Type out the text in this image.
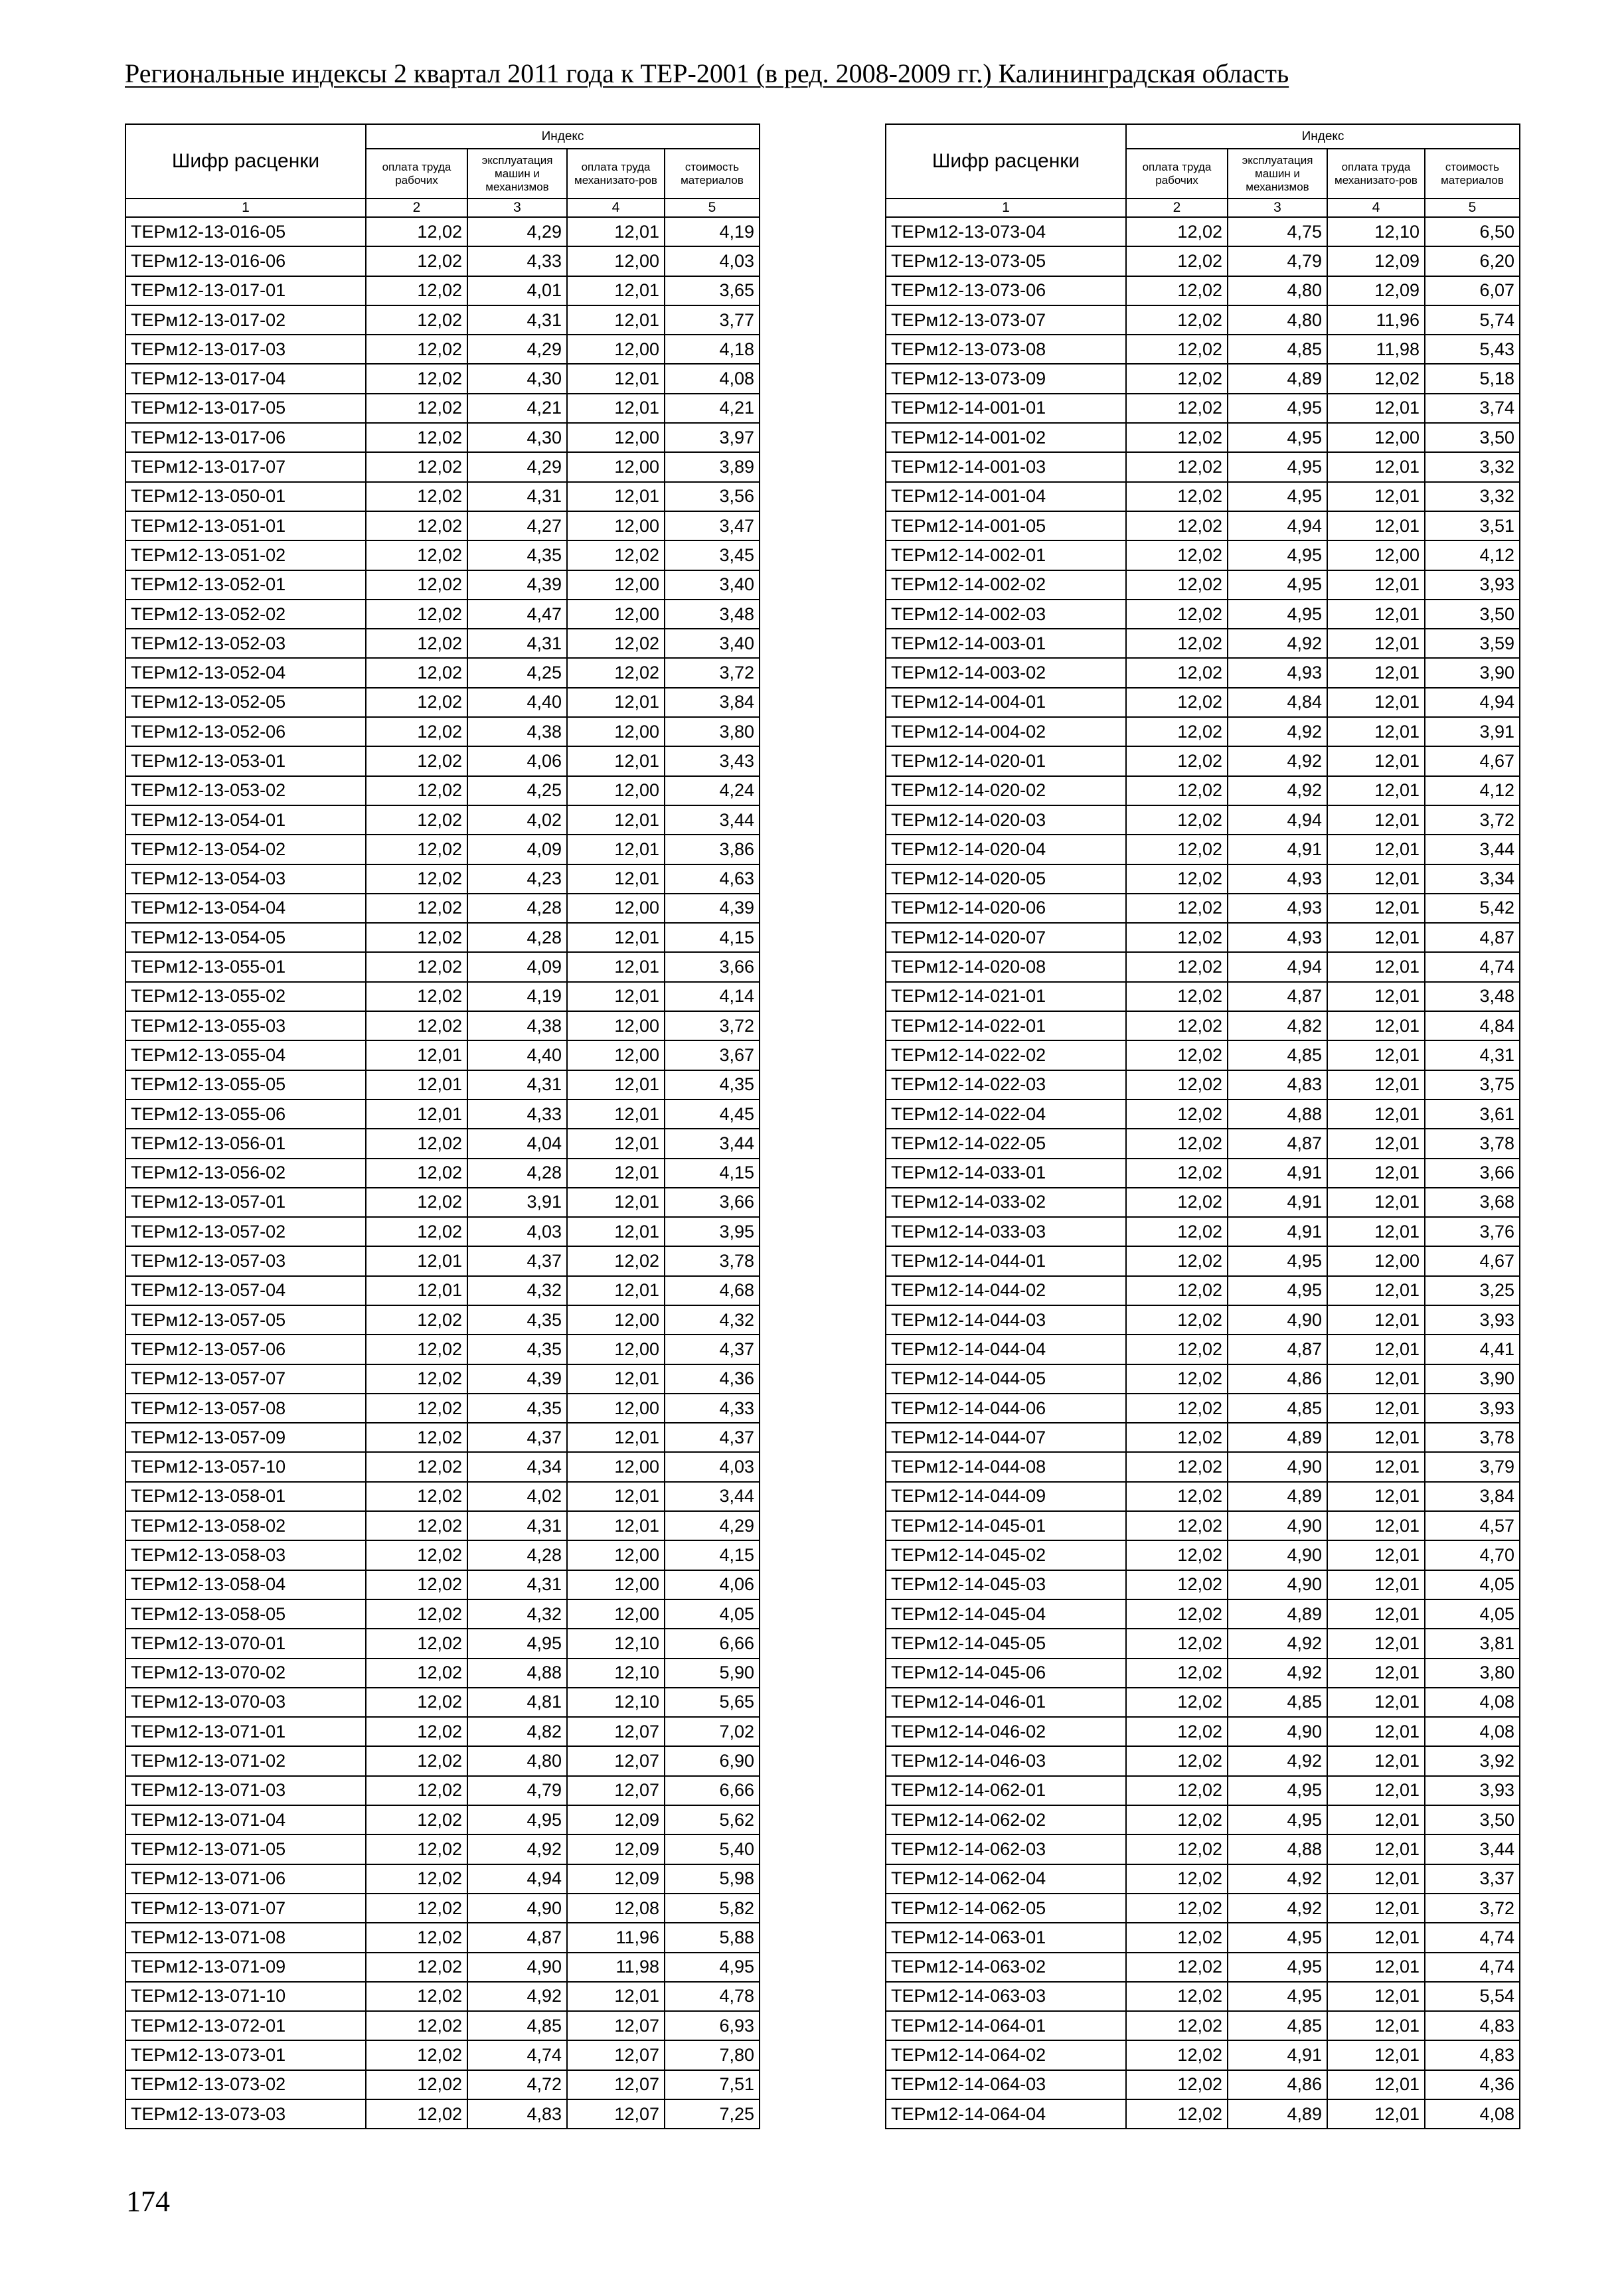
Региональные индексы 2 квартал 2011 года к ТЕР-2001 (в ред. 2008-2009 гг.) Калининградская область
Шифр расценки	Индекс			
	оплата труда рабочих	эксплуатация машин и механизмов	оплата труда механизато-ров	стоимость материалов
1	2	3	4	5
ТЕРм12-13-016-05	12,02	4,29	12,01	4,19
ТЕРм12-13-016-06	12,02	4,33	12,00	4,03
ТЕРм12-13-017-01	12,02	4,01	12,01	3,65
ТЕРм12-13-017-02	12,02	4,31	12,01	3,77
ТЕРм12-13-017-03	12,02	4,29	12,00	4,18
ТЕРм12-13-017-04	12,02	4,30	12,01	4,08
ТЕРм12-13-017-05	12,02	4,21	12,01	4,21
ТЕРм12-13-017-06	12,02	4,30	12,00	3,97
ТЕРм12-13-017-07	12,02	4,29	12,00	3,89
ТЕРм12-13-050-01	12,02	4,31	12,01	3,56
ТЕРм12-13-051-01	12,02	4,27	12,00	3,47
ТЕРм12-13-051-02	12,02	4,35	12,02	3,45
ТЕРм12-13-052-01	12,02	4,39	12,00	3,40
ТЕРм12-13-052-02	12,02	4,47	12,00	3,48
ТЕРм12-13-052-03	12,02	4,31	12,02	3,40
ТЕРм12-13-052-04	12,02	4,25	12,02	3,72
ТЕРм12-13-052-05	12,02	4,40	12,01	3,84
ТЕРм12-13-052-06	12,02	4,38	12,00	3,80
ТЕРм12-13-053-01	12,02	4,06	12,01	3,43
ТЕРм12-13-053-02	12,02	4,25	12,00	4,24
ТЕРм12-13-054-01	12,02	4,02	12,01	3,44
ТЕРм12-13-054-02	12,02	4,09	12,01	3,86
ТЕРм12-13-054-03	12,02	4,23	12,01	4,63
ТЕРм12-13-054-04	12,02	4,28	12,00	4,39
ТЕРм12-13-054-05	12,02	4,28	12,01	4,15
ТЕРм12-13-055-01	12,02	4,09	12,01	3,66
ТЕРм12-13-055-02	12,02	4,19	12,01	4,14
ТЕРм12-13-055-03	12,02	4,38	12,00	3,72
ТЕРм12-13-055-04	12,01	4,40	12,00	3,67
ТЕРм12-13-055-05	12,01	4,31	12,01	4,35
ТЕРм12-13-055-06	12,01	4,33	12,01	4,45
ТЕРм12-13-056-01	12,02	4,04	12,01	3,44
ТЕРм12-13-056-02	12,02	4,28	12,01	4,15
ТЕРм12-13-057-01	12,02	3,91	12,01	3,66
ТЕРм12-13-057-02	12,02	4,03	12,01	3,95
ТЕРм12-13-057-03	12,01	4,37	12,02	3,78
ТЕРм12-13-057-04	12,01	4,32	12,01	4,68
ТЕРм12-13-057-05	12,02	4,35	12,00	4,32
ТЕРм12-13-057-06	12,02	4,35	12,00	4,37
ТЕРм12-13-057-07	12,02	4,39	12,01	4,36
ТЕРм12-13-057-08	12,02	4,35	12,00	4,33
ТЕРм12-13-057-09	12,02	4,37	12,01	4,37
ТЕРм12-13-057-10	12,02	4,34	12,00	4,03
ТЕРм12-13-058-01	12,02	4,02	12,01	3,44
ТЕРм12-13-058-02	12,02	4,31	12,01	4,29
ТЕРм12-13-058-03	12,02	4,28	12,00	4,15
ТЕРм12-13-058-04	12,02	4,31	12,00	4,06
ТЕРм12-13-058-05	12,02	4,32	12,00	4,05
ТЕРм12-13-070-01	12,02	4,95	12,10	6,66
ТЕРм12-13-070-02	12,02	4,88	12,10	5,90
ТЕРм12-13-070-03	12,02	4,81	12,10	5,65
ТЕРм12-13-071-01	12,02	4,82	12,07	7,02
ТЕРм12-13-071-02	12,02	4,80	12,07	6,90
ТЕРм12-13-071-03	12,02	4,79	12,07	6,66
ТЕРм12-13-071-04	12,02	4,95	12,09	5,62
ТЕРм12-13-071-05	12,02	4,92	12,09	5,40
ТЕРм12-13-071-06	12,02	4,94	12,09	5,98
ТЕРм12-13-071-07	12,02	4,90	12,08	5,82
ТЕРм12-13-071-08	12,02	4,87	11,96	5,88
ТЕРм12-13-071-09	12,02	4,90	11,98	4,95
ТЕРм12-13-071-10	12,02	4,92	12,01	4,78
ТЕРм12-13-072-01	12,02	4,85	12,07	6,93
ТЕРм12-13-073-01	12,02	4,74	12,07	7,80
ТЕРм12-13-073-02	12,02	4,72	12,07	7,51
ТЕРм12-13-073-03	12,02	4,83	12,07	7,25
Шифр расценки	Индекс			
	оплата труда рабочих	эксплуатация машин и механизмов	оплата труда механизато-ров	стоимость материалов
1	2	3	4	5
ТЕРм12-13-073-04	12,02	4,75	12,10	6,50
ТЕРм12-13-073-05	12,02	4,79	12,09	6,20
ТЕРм12-13-073-06	12,02	4,80	12,09	6,07
ТЕРм12-13-073-07	12,02	4,80	11,96	5,74
ТЕРм12-13-073-08	12,02	4,85	11,98	5,43
ТЕРм12-13-073-09	12,02	4,89	12,02	5,18
ТЕРм12-14-001-01	12,02	4,95	12,01	3,74
ТЕРм12-14-001-02	12,02	4,95	12,00	3,50
ТЕРм12-14-001-03	12,02	4,95	12,01	3,32
ТЕРм12-14-001-04	12,02	4,95	12,01	3,32
ТЕРм12-14-001-05	12,02	4,94	12,01	3,51
ТЕРм12-14-002-01	12,02	4,95	12,00	4,12
ТЕРм12-14-002-02	12,02	4,95	12,01	3,93
ТЕРм12-14-002-03	12,02	4,95	12,01	3,50
ТЕРм12-14-003-01	12,02	4,92	12,01	3,59
ТЕРм12-14-003-02	12,02	4,93	12,01	3,90
ТЕРм12-14-004-01	12,02	4,84	12,01	4,94
ТЕРм12-14-004-02	12,02	4,92	12,01	3,91
ТЕРм12-14-020-01	12,02	4,92	12,01	4,67
ТЕРм12-14-020-02	12,02	4,92	12,01	4,12
ТЕРм12-14-020-03	12,02	4,94	12,01	3,72
ТЕРм12-14-020-04	12,02	4,91	12,01	3,44
ТЕРм12-14-020-05	12,02	4,93	12,01	3,34
ТЕРм12-14-020-06	12,02	4,93	12,01	5,42
ТЕРм12-14-020-07	12,02	4,93	12,01	4,87
ТЕРм12-14-020-08	12,02	4,94	12,01	4,74
ТЕРм12-14-021-01	12,02	4,87	12,01	3,48
ТЕРм12-14-022-01	12,02	4,82	12,01	4,84
ТЕРм12-14-022-02	12,02	4,85	12,01	4,31
ТЕРм12-14-022-03	12,02	4,83	12,01	3,75
ТЕРм12-14-022-04	12,02	4,88	12,01	3,61
ТЕРм12-14-022-05	12,02	4,87	12,01	3,78
ТЕРм12-14-033-01	12,02	4,91	12,01	3,66
ТЕРм12-14-033-02	12,02	4,91	12,01	3,68
ТЕРм12-14-033-03	12,02	4,91	12,01	3,76
ТЕРм12-14-044-01	12,02	4,95	12,00	4,67
ТЕРм12-14-044-02	12,02	4,95	12,01	3,25
ТЕРм12-14-044-03	12,02	4,90	12,01	3,93
ТЕРм12-14-044-04	12,02	4,87	12,01	4,41
ТЕРм12-14-044-05	12,02	4,86	12,01	3,90
ТЕРм12-14-044-06	12,02	4,85	12,01	3,93
ТЕРм12-14-044-07	12,02	4,89	12,01	3,78
ТЕРм12-14-044-08	12,02	4,90	12,01	3,79
ТЕРм12-14-044-09	12,02	4,89	12,01	3,84
ТЕРм12-14-045-01	12,02	4,90	12,01	4,57
ТЕРм12-14-045-02	12,02	4,90	12,01	4,70
ТЕРм12-14-045-03	12,02	4,90	12,01	4,05
ТЕРм12-14-045-04	12,02	4,89	12,01	4,05
ТЕРм12-14-045-05	12,02	4,92	12,01	3,81
ТЕРм12-14-045-06	12,02	4,92	12,01	3,80
ТЕРм12-14-046-01	12,02	4,85	12,01	4,08
ТЕРм12-14-046-02	12,02	4,90	12,01	4,08
ТЕРм12-14-046-03	12,02	4,92	12,01	3,92
ТЕРм12-14-062-01	12,02	4,95	12,01	3,93
ТЕРм12-14-062-02	12,02	4,95	12,01	3,50
ТЕРм12-14-062-03	12,02	4,88	12,01	3,44
ТЕРм12-14-062-04	12,02	4,92	12,01	3,37
ТЕРм12-14-062-05	12,02	4,92	12,01	3,72
ТЕРм12-14-063-01	12,02	4,95	12,01	4,74
ТЕРм12-14-063-02	12,02	4,95	12,01	4,74
ТЕРм12-14-063-03	12,02	4,95	12,01	5,54
ТЕРм12-14-064-01	12,02	4,85	12,01	4,83
ТЕРм12-14-064-02	12,02	4,91	12,01	4,83
ТЕРм12-14-064-03	12,02	4,86	12,01	4,36
ТЕРм12-14-064-04	12,02	4,89	12,01	4,08
174
